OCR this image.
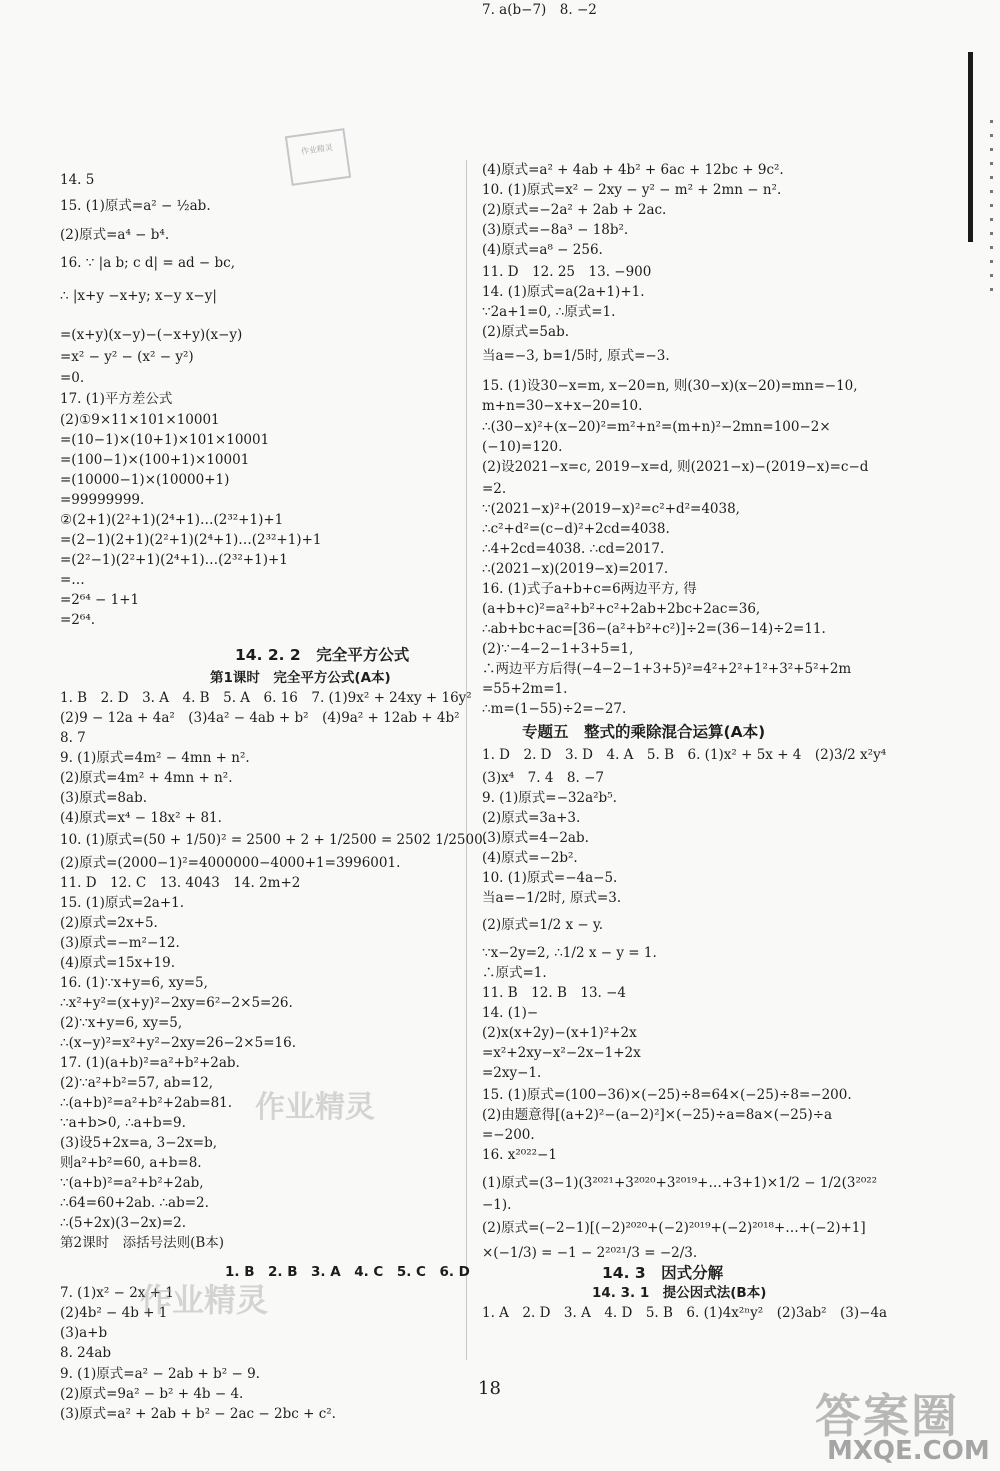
作业精灵
14. 5
15. (1)原式=a² − ½ab.
(2)原式=a⁴ − b⁴.
16. ∵ |a b; c d| = ad − bc,
∴ |x+y −x+y; x−y x−y|
=(x+y)(x−y)−(−x+y)(x−y)
=x² − y² − (x² − y²)
=0.
17. (1)平方差公式
(2)①9×11×101×10001
=(10−1)×(10+1)×101×10001
=(100−1)×(100+1)×10001
=(10000−1)×(10000+1)
=99999999.
②(2+1)(2²+1)(2⁴+1)…(2³²+1)+1
=(2−1)(2+1)(2²+1)(2⁴+1)…(2³²+1)+1
=(2²−1)(2²+1)(2⁴+1)…(2³²+1)+1
=…
=2⁶⁴ − 1+1
=2⁶⁴.
14. 2. 2　完全平方公式
第1课时　完全平方公式(A本)
1. B　2. D　3. A　4. B　5. A　6. 16　7. (1)9x² + 24xy + 16y²
(2)9 − 12a + 4a²　(3)4a² − 4ab + b²　(4)9a² + 12ab + 4b²
8. 7
9. (1)原式=4m² − 4mn + n².
(2)原式=4m² + 4mn + n².
(3)原式=8ab.
(4)原式=x⁴ − 18x² + 81.
10. (1)原式=(50 + 1/50)² = 2500 + 2 + 1/2500 = 2502 1/2500.
(2)原式=(2000−1)²=4000000−4000+1=3996001.
11. D　12. C　13. 4043　14. 2m+2
15. (1)原式=2a+1.
(2)原式=2x+5.
(3)原式=−m²−12.
(4)原式=15x+19.
16. (1)∵x+y=6, xy=5,
∴x²+y²=(x+y)²−2xy=6²−2×5=26.
(2)∵x+y=6, xy=5,
∴(x−y)²=x²+y²−2xy=26−2×5=16.
17. (1)(a+b)²=a²+b²+2ab.
(2)∵a²+b²=57, ab=12,
∴(a+b)²=a²+b²+2ab=81.
∵a+b>0, ∴a+b=9.
(3)设5+2x=a, 3−2x=b,
则a²+b²=60, a+b=8.
∵(a+b)²=a²+b²+2ab,
∴64=60+2ab. ∴ab=2.
∴(5+2x)(3−2x)=2.
第2课时　添括号法则(B本)
1. B　2. B　3. A　4. C　5. C　6. D
7. (1)x² − 2x + 1
(2)4b² − 4b + 1
(3)a+b
8. 24ab
9. (1)原式=a² − 2ab + b² − 9.
(2)原式=9a² − b² + 4b − 4.
(3)原式=a² + 2ab + b² − 2ac − 2bc + c².
(4)原式=a² + 4ab + 4b² + 6ac + 12bc + 9c².
10. (1)原式=x² − 2xy − y² − m² + 2mn − n².
(2)原式=−2a² + 2ab + 2ac.
(3)原式=−8a³ − 18b².
(4)原式=a⁸ − 256.
11. D　12. 25　13. −900
14. (1)原式=a(2a+1)+1.
∵2a+1=0, ∴原式=1.
(2)原式=5ab.
当a=−3, b=1/5时, 原式=−3.
15. (1)设30−x=m, x−20=n, 则(30−x)(x−20)=mn=−10,
m+n=30−x+x−20=10.
∴(30−x)²+(x−20)²=m²+n²=(m+n)²−2mn=100−2×
(−10)=120.
(2)设2021−x=c, 2019−x=d, 则(2021−x)−(2019−x)=c−d
=2.
∵(2021−x)²+(2019−x)²=c²+d²=4038,
∴c²+d²=(c−d)²+2cd=4038.
∴4+2cd=4038. ∴cd=2017.
∴(2021−x)(2019−x)=2017.
16. (1)式子a+b+c=6两边平方, 得
(a+b+c)²=a²+b²+c²+2ab+2bc+2ac=36,
∴ab+bc+ac=[36−(a²+b²+c²)]÷2=(36−14)÷2=11.
(2)∵−4−2−1+3+5=1,
∴两边平方后得(−4−2−1+3+5)²=4²+2²+1²+3²+5²+2m
=55+2m=1.
∴m=(1−55)÷2=−27.
专题五　整式的乘除混合运算(A本)
1. D　2. D　3. D　4. A　5. B　6. (1)x² + 5x + 4　(2)3/2 x²y⁴
(3)x⁴　7. 4　8. −7
9. (1)原式=−32a²b⁵.
(2)原式=3a+3.
(3)原式=4−2ab.
(4)原式=−2b².
10. (1)原式=−4a−5.
当a=−1/2时, 原式=3.
(2)原式=1/2 x − y.
∵x−2y=2, ∴1/2 x − y = 1.
∴原式=1.
11. B　12. B　13. −4
14. (1)−
(2)x(x+2y)−(x+1)²+2x
=x²+2xy−x²−2x−1+2x
=2xy−1.
15. (1)原式=(100−36)×(−25)÷8=64×(−25)÷8=−200.
(2)由题意得[(a+2)²−(a−2)²]×(−25)÷a=8a×(−25)÷a
=−200.
16. x²⁰²²−1
(1)原式=(3−1)(3²⁰²¹+3²⁰²⁰+3²⁰¹⁹+…+3+1)×1/2 − 1/2(3²⁰²²
−1).
(2)原式=(−2−1)[(−2)²⁰²⁰+(−2)²⁰¹⁹+(−2)²⁰¹⁸+…+(−2)+1]
×(−1/3) = −1 − 2²⁰²¹/3 = −2/3.
14. 3　因式分解
14. 3. 1　提公因式法(B本)
1. A　2. D　3. A　4. D　5. B　6. (1)4x²ⁿy²　(2)3ab²　(3)−4a
7. a(b−7)　8. −2
作业精灵
作业精灵
18
答案圈
MXQE.COM
